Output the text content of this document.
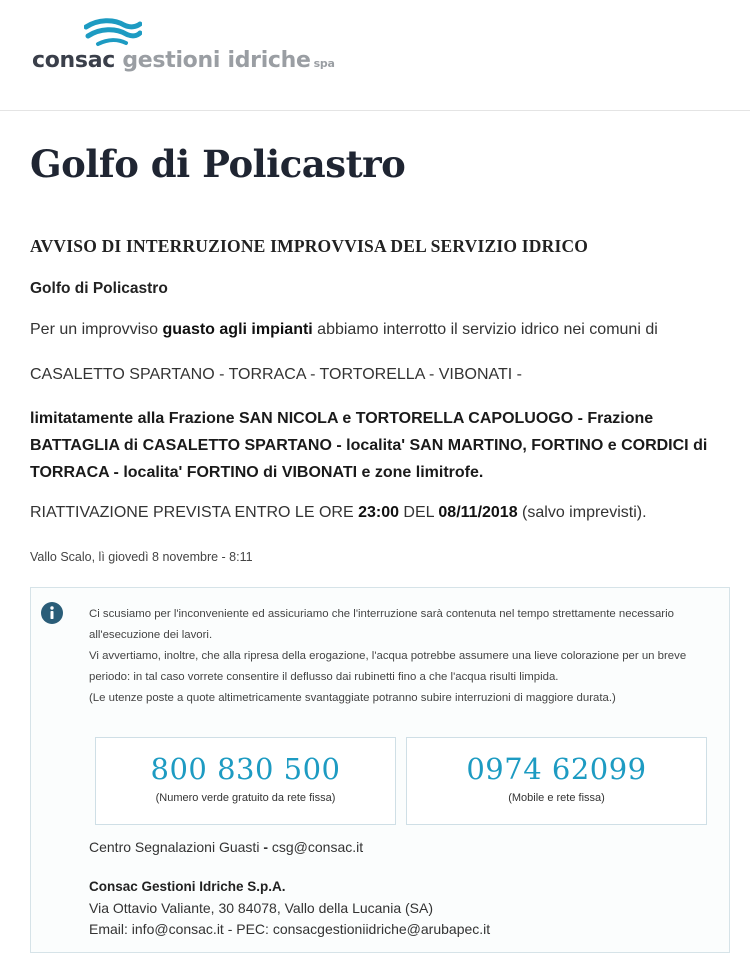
consac gestioni idriche spa
Golfo di Policastro
AVVISO DI INTERRUZIONE IMPROVVISA DEL SERVIZIO IDRICO
Golfo di Policastro
Per un improvviso guasto agli impianti abbiamo interrotto il servizio idrico nei comuni di
CASALETTO SPARTANO - TORRACA - TORTORELLA - VIBONATI -
limitatamente alla Frazione SAN NICOLA e TORTORELLA CAPOLUOGO - Frazione BATTAGLIA di CASALETTO SPARTANO - localita' SAN MARTINO, FORTINO e CORDICI di TORRACA - localita' FORTINO di VIBONATI e zone limitrofe.
RIATTIVAZIONE PREVISTA ENTRO LE ORE 23:00 DEL 08/11/2018 (salvo imprevisti).
Vallo Scalo, lì giovedì 8 novembre - 8:11
Ci scusiamo per l'inconveniente ed assicuriamo che l'interruzione sarà contenuta nel tempo strettamente necessario
all'esecuzione dei lavori.
Vi avvertiamo, inoltre, che alla ripresa della erogazione, l'acqua potrebbe assumere una lieve colorazione per un breve
periodo: in tal caso vorrete consentire il deflusso dai rubinetti fino a che l'acqua risulti limpida.
(Le utenze poste a quote altimetricamente svantaggiate potranno subire interruzioni di maggiore durata.)
800 830 500
(Numero verde gratuito da rete fissa)
0974 62099
(Mobile e rete fissa)
Centro Segnalazioni Guasti - csg@consac.it
Consac Gestioni Idriche S.p.A.
Via Ottavio Valiante, 30 84078, Vallo della Lucania (SA)
Email: info@consac.it - PEC: consacgestioniidriche@arubapec.it
